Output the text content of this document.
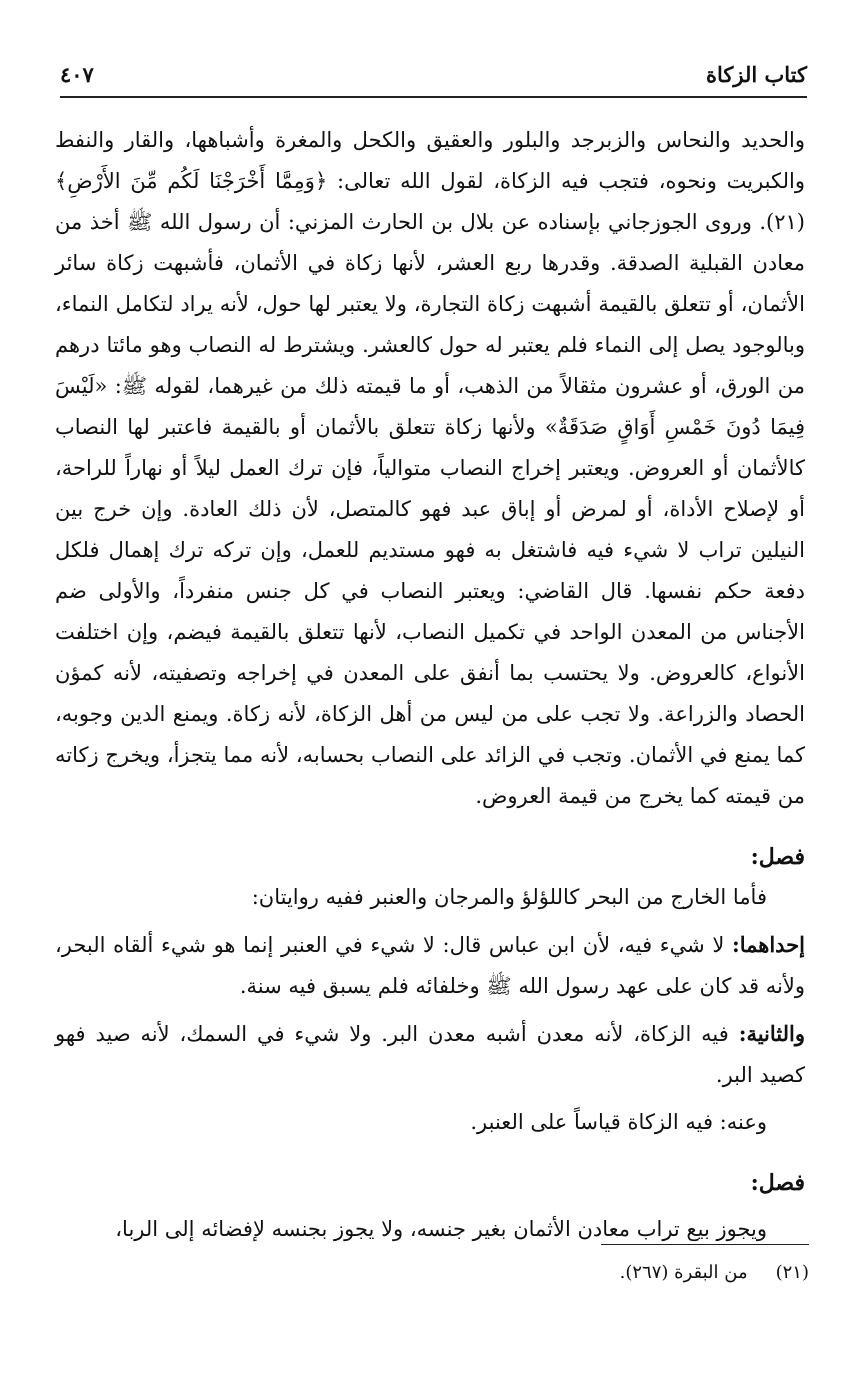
كتاب الزكاة
٤٠٧

والحديد والنحاس والزبرجد والبلور والعقيق والكحل والمغرة وأشباهها، والقار والنفط والكبريت ونحوه، فتجب فيه الزكاة، لقول الله تعالى: ﴿وَمِمَّا أَخْرَجْنَا لَكُم مِّنَ الأَرْضِ﴾(٢١). وروى الجوزجاني بإسناده عن بلال بن الحارث المزني: أن رسول الله ﷺ أخذ من معادن القبلية الصدقة. وقدرها ربع العشر، لأنها زكاة في الأثمان، فأشبهت زكاة سائر الأثمان، أو تتعلق بالقيمة أشبهت زكاة التجارة، ولا يعتبر لها حول، لأنه يراد لتكامل النماء، وبالوجود يصل إلى النماء فلم يعتبر له حول كالعشر. ويشترط له النصاب وهو مائتا درهم من الورق، أو عشرون مثقالاً من الذهب، أو ما قيمته ذلك من غيرهما، لقوله ﷺ: «لَيْسَ فِيمَا دُونَ خَمْسِ أَوَاقٍ صَدَقَةٌ» ولأنها زكاة تتعلق بالأثمان أو بالقيمة فاعتبر لها النصاب كالأثمان أو العروض. ويعتبر إخراج النصاب متوالياً، فإن ترك العمل ليلاً أو نهاراً للراحة، أو لإصلاح الأداة، أو لمرض أو إباق عبد فهو كالمتصل، لأن ذلك العادة. وإن خرج بين النيلين تراب لا شيء فيه فاشتغل به فهو مستديم للعمل، وإن تركه ترك إهمال فلكل دفعة حكم نفسها. قال القاضي: ويعتبر النصاب في كل جنس منفرداً، والأولى ضم الأجناس من المعدن الواحد في تكميل النصاب، لأنها تتعلق بالقيمة فيضم، وإن اختلفت الأنواع، كالعروض. ولا يحتسب بما أنفق على المعدن في إخراجه وتصفيته، لأنه كمؤن الحصاد والزراعة. ولا تجب على من ليس من أهل الزكاة، لأنه زكاة. ويمنع الدين وجوبه، كما يمنع في الأثمان. وتجب في الزائد على النصاب بحسابه، لأنه مما يتجزأ، ويخرج زكاته من قيمته كما يخرج من قيمة العروض.

فصل:

فأما الخارج من البحر كاللؤلؤ والمرجان والعنبر ففيه روايتان:

إحداهما: لا شيء فيه، لأن ابن عباس قال: لا شيء في العنبر إنما هو شيء ألقاه البحر، ولأنه قد كان على عهد رسول الله ﷺ وخلفائه فلم يسبق فيه سنة.

والثانية: فيه الزكاة، لأنه معدن أشبه معدن البر. ولا شيء في السمك، لأنه صيد فهو كصيد البر.

وعنه: فيه الزكاة قياساً على العنبر.

فصل:

ويجوز بيع تراب معادن الأثمان بغير جنسه، ولا يجوز بجنسه لإفضائه إلى الربا،

(٢١)من البقرة (٢٦٧).
